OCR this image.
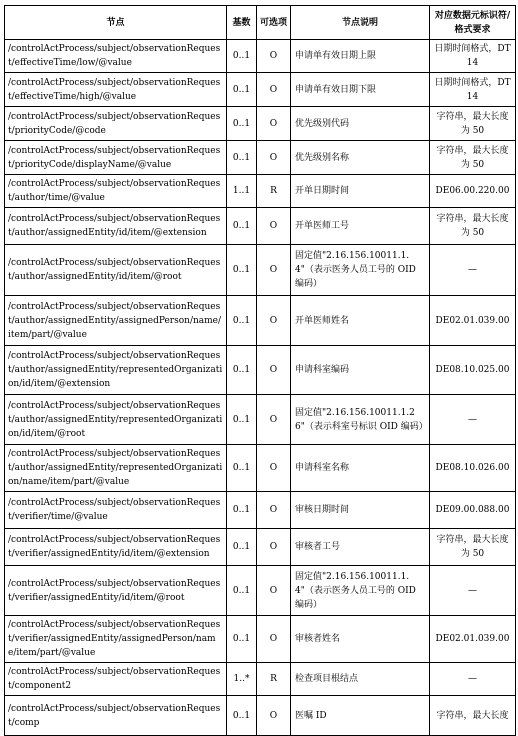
节点	基数	可选项	节点说明	对应数据元标识符/格式要求
/controlActProcess/subject/observationRequest/effectiveTime/low/@value	0..1	O	申请单有效日期上限	日期时间格式，DT14
/controlActProcess/subject/observationRequest/effectiveTime/high/@value	0..1	O	申请单有效日期下限	日期时间格式，DT14
/controlActProcess/subject/observationRequest/priorityCode/@code	0..1	O	优先级别代码	字符串，最大长度为 50
/controlActProcess/subject/observationRequest/priorityCode/displayName/@value	0..1	O	优先级别名称	字符串，最大长度为 50
/controlActProcess/subject/observationRequest/author/time/@value	1..1	R	开单日期时间	DE06.00.220.00
/controlActProcess/subject/observationRequest/author/assignedEntity/id/item/@extension	0..1	O	开单医师工号	字符串，最大长度为 50
/controlActProcess/subject/observationRequest/author/assignedEntity/id/item/@root	0..1	O	固定值"2.16.156.10011.1.4"（表示医务人员工号的 OID 编码）	—
/controlActProcess/subject/observationRequest/author/assignedEntity/assignedPerson/name/item/part/@value	0..1	O	开单医师姓名	DE02.01.039.00
/controlActProcess/subject/observationRequest/author/assignedEntity/representedOrganization/id/item/@extension	0..1	O	申请科室编码	DE08.10.025.00
/controlActProcess/subject/observationRequest/author/assignedEntity/representedOrganization/id/item/@root	0..1	O	固定值"2.16.156.10011.1.26"（表示科室号标识 OID 编码）	—
/controlActProcess/subject/observationRequest/author/assignedEntity/representedOrganization/name/item/part/@value	0..1	O	申请科室名称	DE08.10.026.00
/controlActProcess/subject/observationRequest/verifier/time/@value	0..1	O	审核日期时间	DE09.00.088.00
/controlActProcess/subject/observationRequest/verifier/assignedEntity/id/item/@extension	0..1	O	审核者工号	字符串，最大长度为 50
/controlActProcess/subject/observationRequest/verifier/assignedEntity/id/item/@root	0..1	O	固定值"2.16.156.10011.1.4"（表示医务人员工号的 OID 编码）	—
/controlActProcess/subject/observationRequest/verifier/assignedEntity/assignedPerson/name/item/part/@value	0..1	O	审核者姓名	DE02.01.039.00
/controlActProcess/subject/observationRequest/component2	1..*	R	检查项目根结点	—
/controlActProcess/subject/observationRequest/comp	0..1	O	医嘱 ID	字符串，最大长度
